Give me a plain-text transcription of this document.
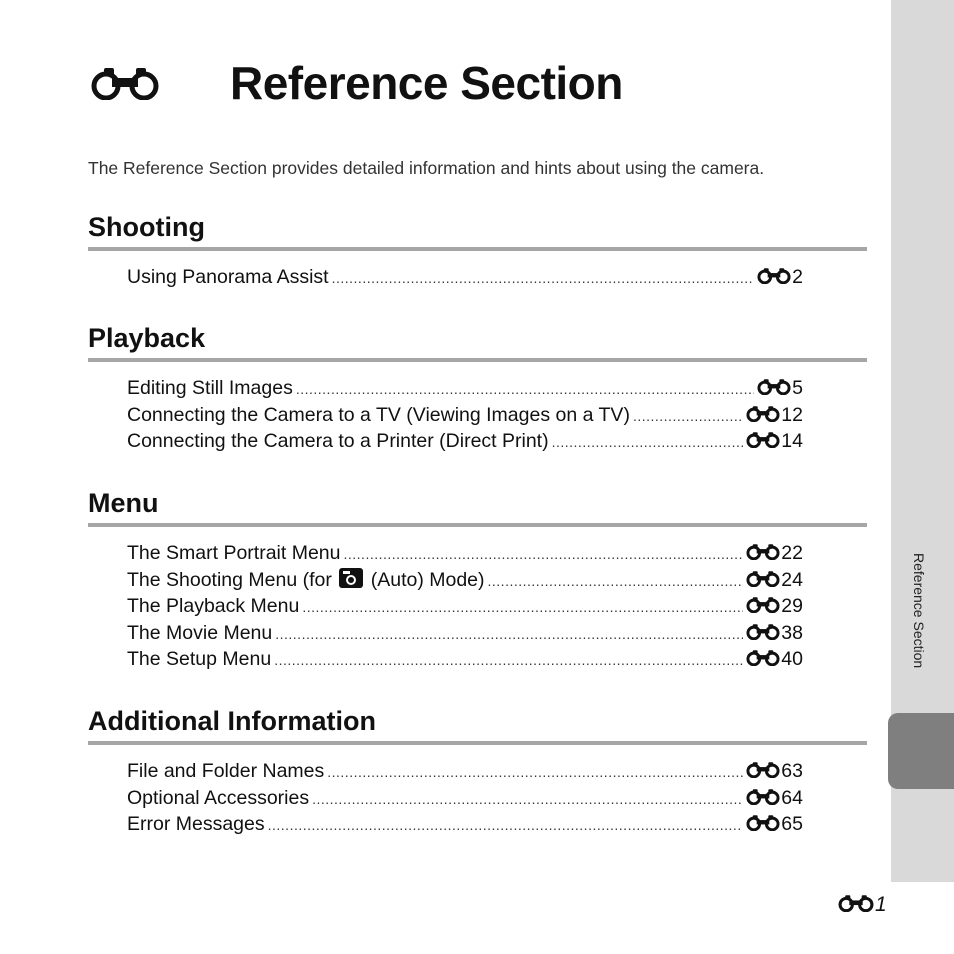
Reference Section
Reference Section
The Reference Section provides detailed information and hints about using the camera.
Shooting
Using Panorama Assist .....	2
Playback
Editing Still Images .....	5
Connecting the Camera to a TV (Viewing Images on a TV) .....	12
Connecting the Camera to a Printer (Direct Print) .....	14
Menu
The Smart Portrait Menu .....	22
The Shooting Menu (for (Auto) Mode) .....	24
The Playback Menu .....	29
The Movie Menu .....	38
The Setup Menu .....	40
Additional Information
File and Folder Names .....	63
Optional Accessories .....	64
Error Messages .....	65
1
